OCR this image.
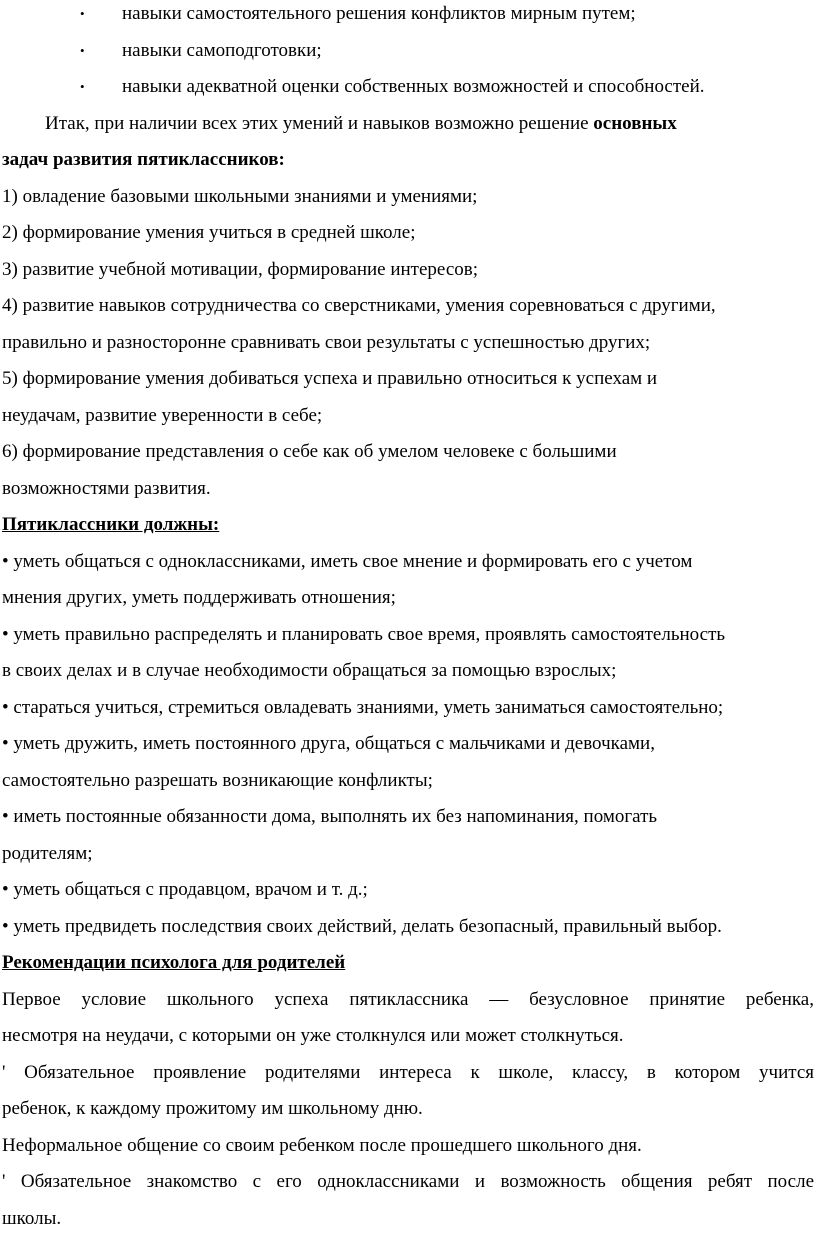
• навыки самостоятельного решения конфликтов мирным путем;
• навыки самоподготовки;
• навыки адекватной оценки собственных возможностей и способностей.
Итак, при наличии всех этих умений и навыков возможно решение основных
задач развития пятиклассников:
1) овладение базовыми школьными знаниями и умениями;
2) формирование умения учиться в средней школе;
3) развитие учебной мотивации, формирование интересов;
4) развитие навыков сотрудничества со сверстниками, умения соревноваться с другими,
правильно и разносторонне сравнивать свои результаты с успешностью других;
5) формирование умения добиваться успеха и правильно относиться к успехам и
неудачам, развитие уверенности в себе;
6) формирование представления о себе как об умелом человеке с большими
возможностями развития.
Пятиклассники должны:
• уметь общаться с одноклассниками, иметь свое мнение и формировать его с учетом
мнения других, уметь поддерживать отношения;
• уметь правильно распределять и планировать свое время, проявлять самостоятельность
в своих делах и в случае необходимости обращаться за помощью взрослых;
• стараться учиться, стремиться овладевать знаниями, уметь заниматься самостоятельно;
• уметь дружить, иметь постоянного друга, общаться с мальчиками и девочками,
самостоятельно разрешать возникающие конфликты;
• иметь постоянные обязанности дома, выполнять их без напоминания, помогать
родителям;
• уметь общаться с продавцом, врачом и т. д.;
• уметь предвидеть последствия своих действий, делать безопасный, правильный выбор.
Рекомендации психолога для родителей
Первое условие школьного успеха пятиклассника — безусловное принятие ребенка,
несмотря на неудачи, с которыми он уже столкнулся или может столкнуться.
' Обязательное проявление родителями интереса к школе, классу, в котором учится
ребенок, к каждому прожитому им школьному дню.
Неформальное общение со своим ребенком после прошедшего школьного дня.
' Обязательное знакомство с его одноклассниками и возможность общения ребят после
школы.
